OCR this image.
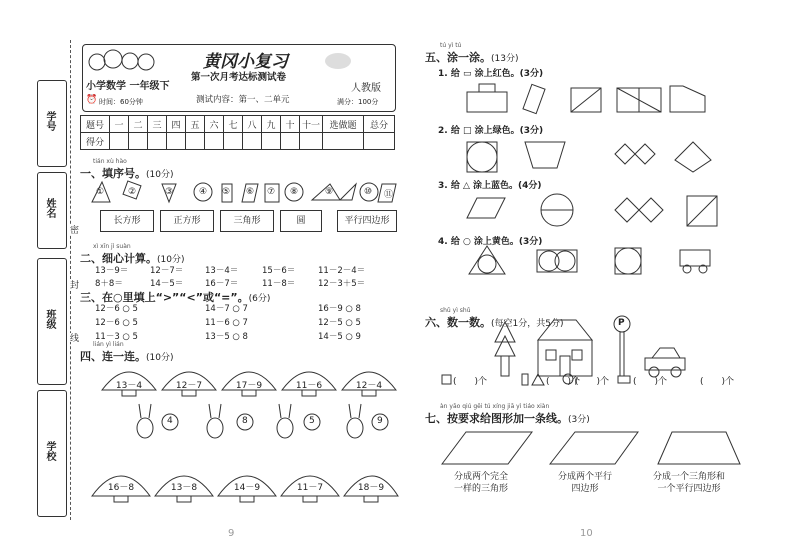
学号
姓名
班级
学校
密
封
线
黄冈小复习
小学数学 一年级下
第一次月考达标测试卷
人教版
⏰ 时间：60分钟	测试内容：第一、二单元	满分：100分
题号	一	二	三	四	五	六	七	八	九	十	十一	选做题	总分
得分													
tián xù hào
一、填序号。(10分)
①	②	③	④ ⑤ ⑥ ⑦ ⑧	⑨	⑩ ⑪
长方形	正方形	三角形	圆	平行四边形
xì xīn jì suàn
二、细心计算。(10分)
13－9＝	12－7＝	13－4＝	15－6＝	11－2－4＝
8＋8＝	14－5＝	16－7＝	11－8＝	12－3＋5＝
三、在○里填上“>”“<”或“=”。(6分)
12－6 ○ 5	14－7 ○ 7	16－9 ○ 8
12－6 ○ 5	11－6 ○ 7	12－5 ○ 5
11－3 ○ 5	13－5 ○ 8	14－5 ○ 9
lián yì lián
四、连一连。(10分)
13－4	12－7	17－9	11－6	12－4
4	8	5	9
16－8	13－8	14－9	11－7	18－9
9
tú yì tú
五、涂一涂。(13分)
1. 给 ▭ 涂上红色。(3分)
2. 给 □ 涂上绿色。(3分)
3. 给 △ 涂上蓝色。(4分)
4. 给 ○ 涂上黄色。(3分)
shǔ yì shǔ
六、数一数。(每空1分，共5分)	P
(　　)个	(　　)个
(　　)个	(　　)个	(　　)个
àn yāo qiú gěi tú xíng jiā yì tiáo xiàn
七、按要求给图形加一条线。(3分)
分成两个完全
一样的三角形
分成两个平行
四边形
分成一个三角形和
一个平行四边形
10
